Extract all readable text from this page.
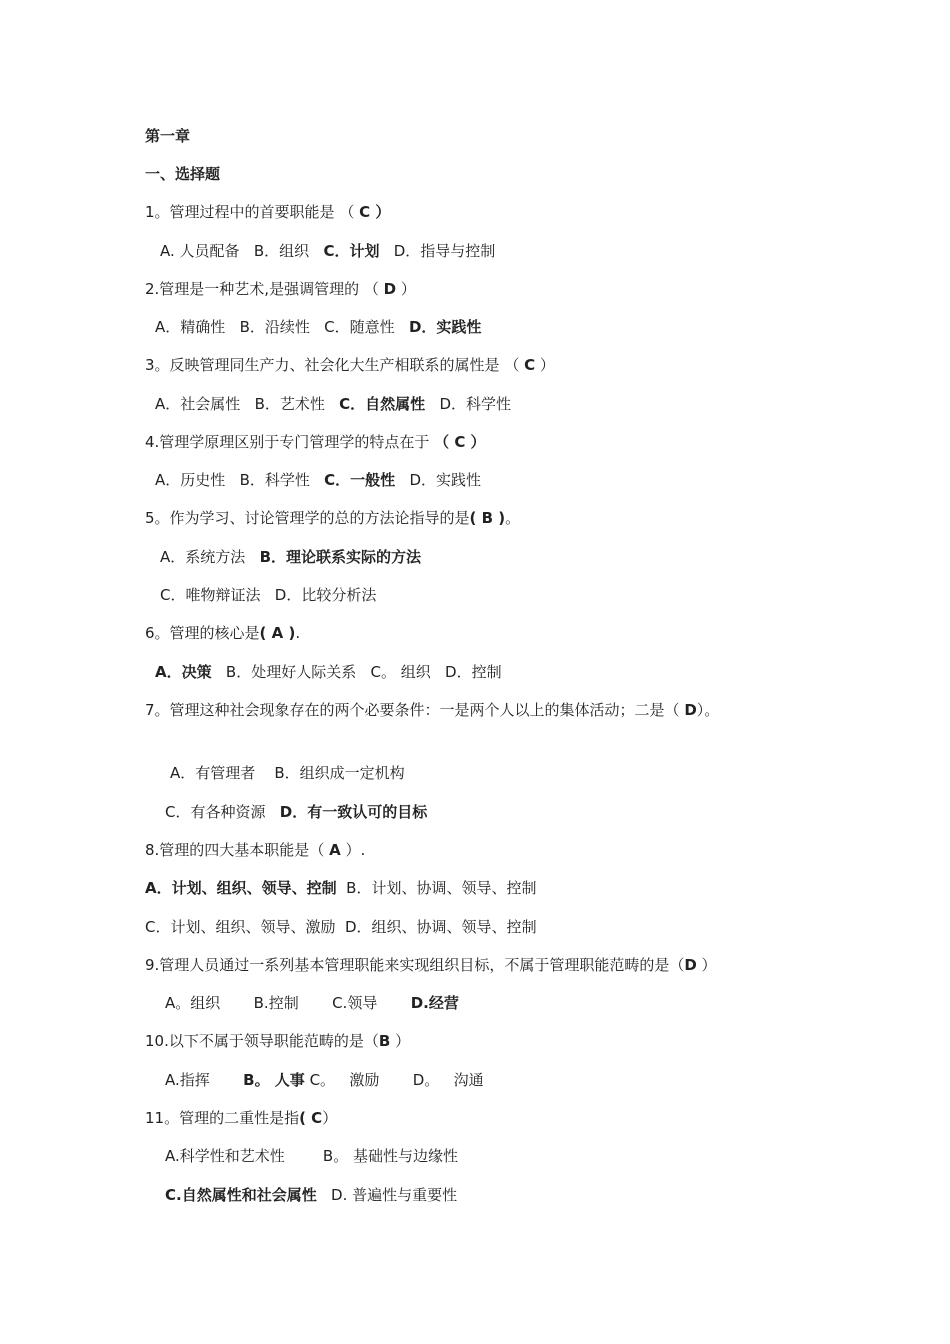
第一章
一、选择题
1。管理过程中的首要职能是 （ C ）
A. 人员配备   B．组织   C．计划   D．指导与控制
2.管理是一种艺术,是强调管理的 （ D ）
A．精确性   B．沿续性   C．随意性   D．实践性
3。反映管理同生产力、社会化大生产相联系的属性是 （ C ）
A．社会属性   B．艺术性   C．自然属性   D．科学性
4.管理学原理区别于专门管理学的特点在于 （ C ）
A．历史性   B．科学性   C．一般性   D．实践性
5。作为学习、讨论管理学的总的方法论指导的是( B )。
A．系统方法   B．理论联系实际的方法
C．唯物辩证法   D．比较分析法
6。管理的核心是( A ).
A．决策   B．处理好人际关系   C。 组织   D．控制
7。管理这种社会现象存在的两个必要条件：一是两个人以上的集体活动；二是（ D）。
A．有管理者    B．组织成一定机构
C．有各种资源   D．有一致认可的目标
8.管理的四大基本职能是（ A ）.
A．计划、组织、领导、控制  B．计划、协调、领导、控制
C．计划、组织、领导、激励  D．组织、协调、领导、控制
9.管理人员通过一系列基本管理职能来实现组织目标，不属于管理职能范畴的是（D ）
A。组织       B.控制       C.领导       D.经营
10.以下不属于领导职能范畴的是（B ）
A.指挥       B。 人事 C。   激励       D。   沟通
11。管理的二重性是指( C）
A.科学性和艺术性        B。 基础性与边缘性
C.自然属性和社会属性   D. 普遍性与重要性
